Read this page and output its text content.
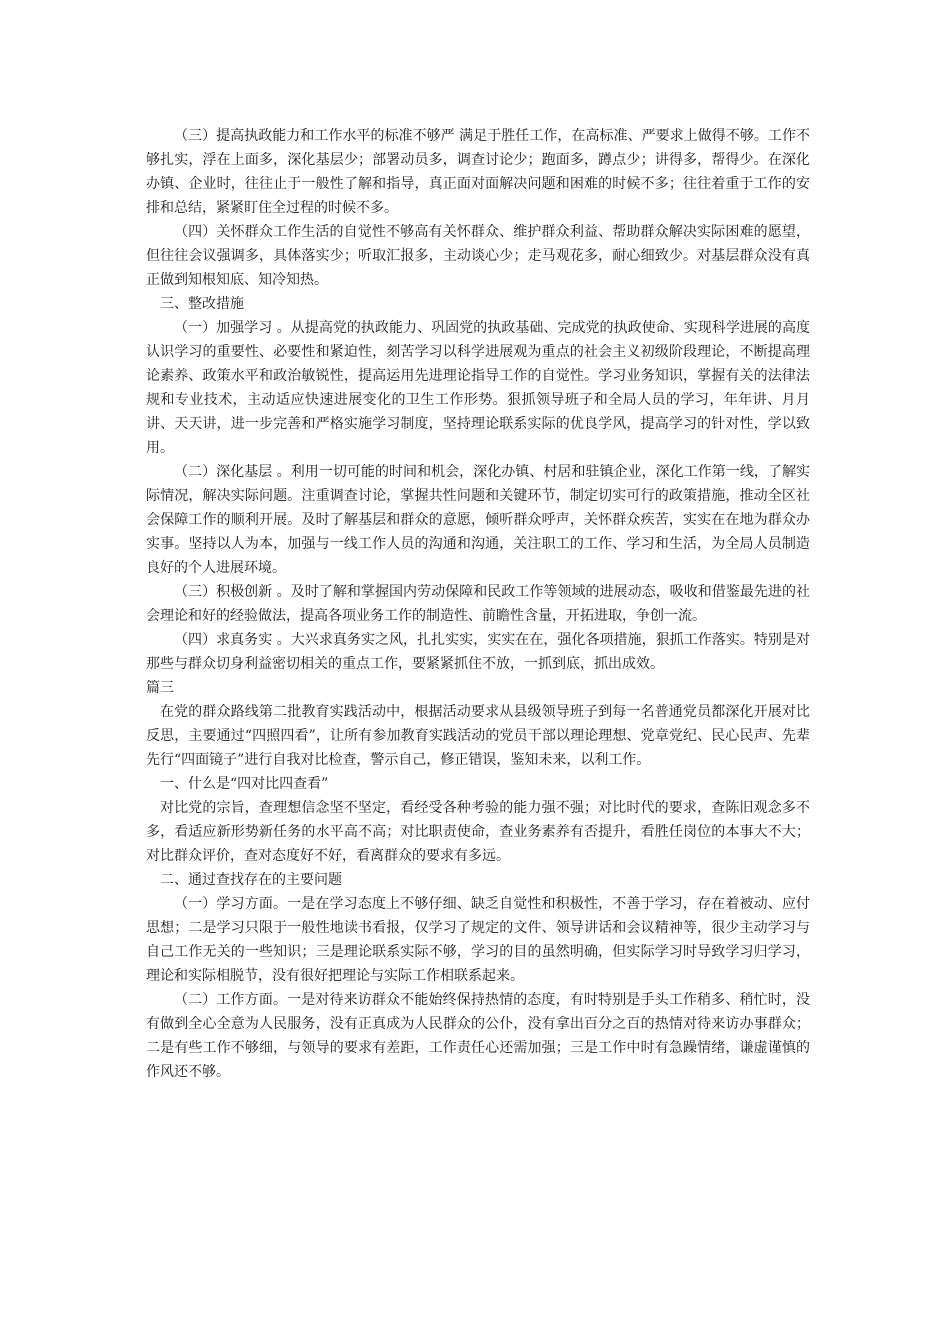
（三）提高执政能力和工作水平的标准不够严 满足于胜任工作，在高标准、严要求上做得不够。工作不够扎实，浮在上面多，深化基层少；部署动员多，调查讨论少；跑面多，蹲点少；讲得多，帮得少。在深化办镇、企业时，往往止于一般性了解和指导，真正面对面解决问题和困难的时候不多；往往着重于工作的安排和总结，紧紧盯住全过程的时候不多。

（四）关怀群众工作生活的自觉性不够高有关怀群众、维护群众利益、帮助群众解决实际困难的愿望，但往往会议强调多，具体落实少；听取汇报多，主动谈心少；走马观花多，耐心细致少。对基层群众没有真正做到知根知底、知冷知热。

三、整改措施

（一）加强学习 。从提高党的执政能力、巩固党的执政基础、完成党的执政使命、实现科学进展的高度认识学习的重要性、必要性和紧迫性，刻苦学习以科学进展观为重点的社会主义初级阶段理论，不断提高理论素养、政策水平和政治敏锐性，提高运用先进理论指导工作的自觉性。学习业务知识，掌握有关的法律法规和专业技术，主动适应快速进展变化的卫生工作形势。狠抓领导班子和全局人员的学习，年年讲、月月讲、天天讲，进一步完善和严格实施学习制度，坚持理论联系实际的优良学风，提高学习的针对性，学以致用。

（二）深化基层 。利用一切可能的时间和机会，深化办镇、村居和驻镇企业，深化工作第一线，了解实际情况，解决实际问题。注重调查讨论，掌握共性问题和关键环节，制定切实可行的政策措施，推动全区社会保障工作的顺利开展。及时了解基层和群众的意愿，倾听群众呼声，关怀群众疾苦，实实在在地为群众办实事。坚持以人为本，加强与一线工作人员的沟通和沟通，关注职工的工作、学习和生活，为全局人员制造良好的个人进展环境。

（三）积极创新 。及时了解和掌握国内劳动保障和民政工作等领域的进展动态，吸收和借鉴最先进的社会理论和好的经验做法，提高各项业务工作的制造性、前瞻性含量，开拓进取，争创一流。

（四）求真务实 。大兴求真务实之风，扎扎实实，实实在在，强化各项措施，狠抓工作落实。特别是对那些与群众切身利益密切相关的重点工作，要紧紧抓住不放，一抓到底，抓出成效。

篇三

在党的群众路线第二批教育实践活动中，根据活动要求从县级领导班子到每一名普通党员都深化开展对比反思，主要通过“四照四看”，让所有参加教育实践活动的党员干部以理论理想、党章党纪、民心民声、先辈先行“四面镜子”进行自我对比检查，警示自己，修正错误，鉴知未来，以利工作。

一、什么是“四对比四查看”

对比党的宗旨，查理想信念坚不坚定，看经受各种考验的能力强不强；对比时代的要求，查陈旧观念多不多，看适应新形势新任务的水平高不高；对比职责使命，查业务素养有否提升，看胜任岗位的本事大不大；对比群众评价，查对态度好不好，看离群众的要求有多远。

二、通过查找存在的主要问题

（一）学习方面。一是在学习态度上不够仔细、缺乏自觉性和积极性，不善于学习，存在着被动、应付思想；二是学习只限于一般性地读书看报，仅学习了规定的文件、领导讲话和会议精神等，很少主动学习与自己工作无关的一些知识；三是理论联系实际不够，学习的目的虽然明确，但实际学习时导致学习归学习，理论和实际相脱节，没有很好把理论与实际工作相联系起来。

（二）工作方面。一是对待来访群众不能始终保持热情的态度，有时特别是手头工作稍多、稍忙时，没有做到全心全意为人民服务，没有正真成为人民群众的公仆，没有拿出百分之百的热情对待来访办事群众；二是有些工作不够细，与领导的要求有差距，工作责任心还需加强；三是工作中时有急躁情绪，谦虚谨慎的作风还不够。
